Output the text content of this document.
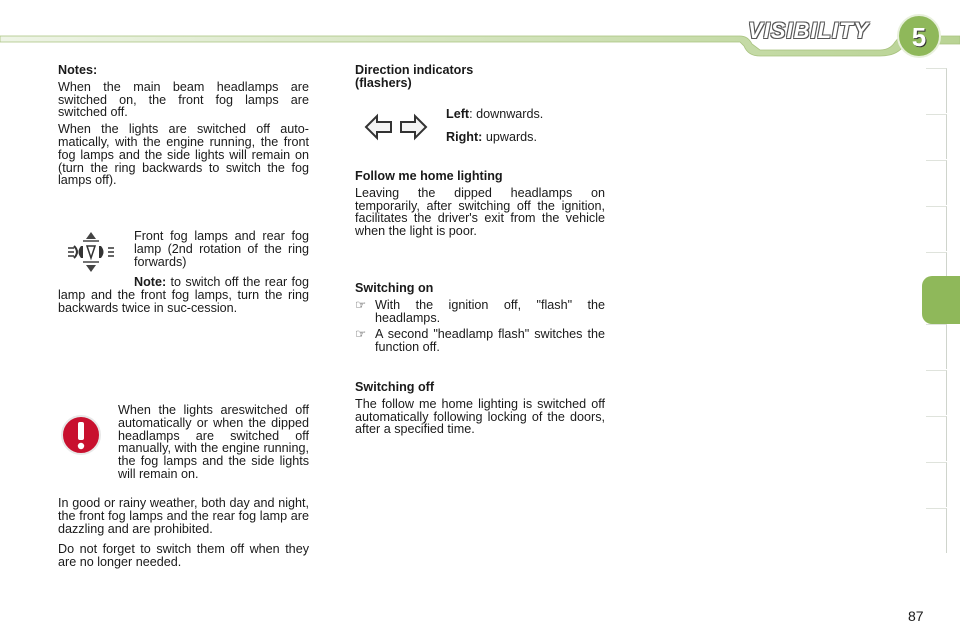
VISIBILITY	5

Notes:

When the main beam headlamps are switched on, the front fog lamps are switched off.

When the lights are switched off auto-matically, with the engine running, the front fog lamps and the side lights will remain on (turn the ring backwards to switch the fog lamps off).

Front fog lamps and rear fog lamp (2nd rotation of the ring forwards)

Note: to switch off the rear fog lamp and the front fog lamps, turn the ring backwards twice in suc-cession.

When the lights areswitched off automatically or when the dipped headlamps are switched off manually, with the engine running, the fog lamps and the side lights will remain on.

In good or rainy weather, both day and night, the front fog lamps and the rear fog lamp are dazzling and are prohibited.

Do not forget to switch them off when they are no longer needed.

Direction indicators

(flashers)

Left: downwards.

Right: upwards.

Follow me home lighting

Leaving the dipped headlamps on temporarily, after switching off the ignition, facilitates the driver's exit from the vehicle when the light is poor.

Switching on

☞ With the ignition off, "flash" the headlamps.

☞ A second "headlamp flash" switches the function off.

Switching off

The follow me home lighting is switched off automatically following locking of the doors, after a specified time.

87
